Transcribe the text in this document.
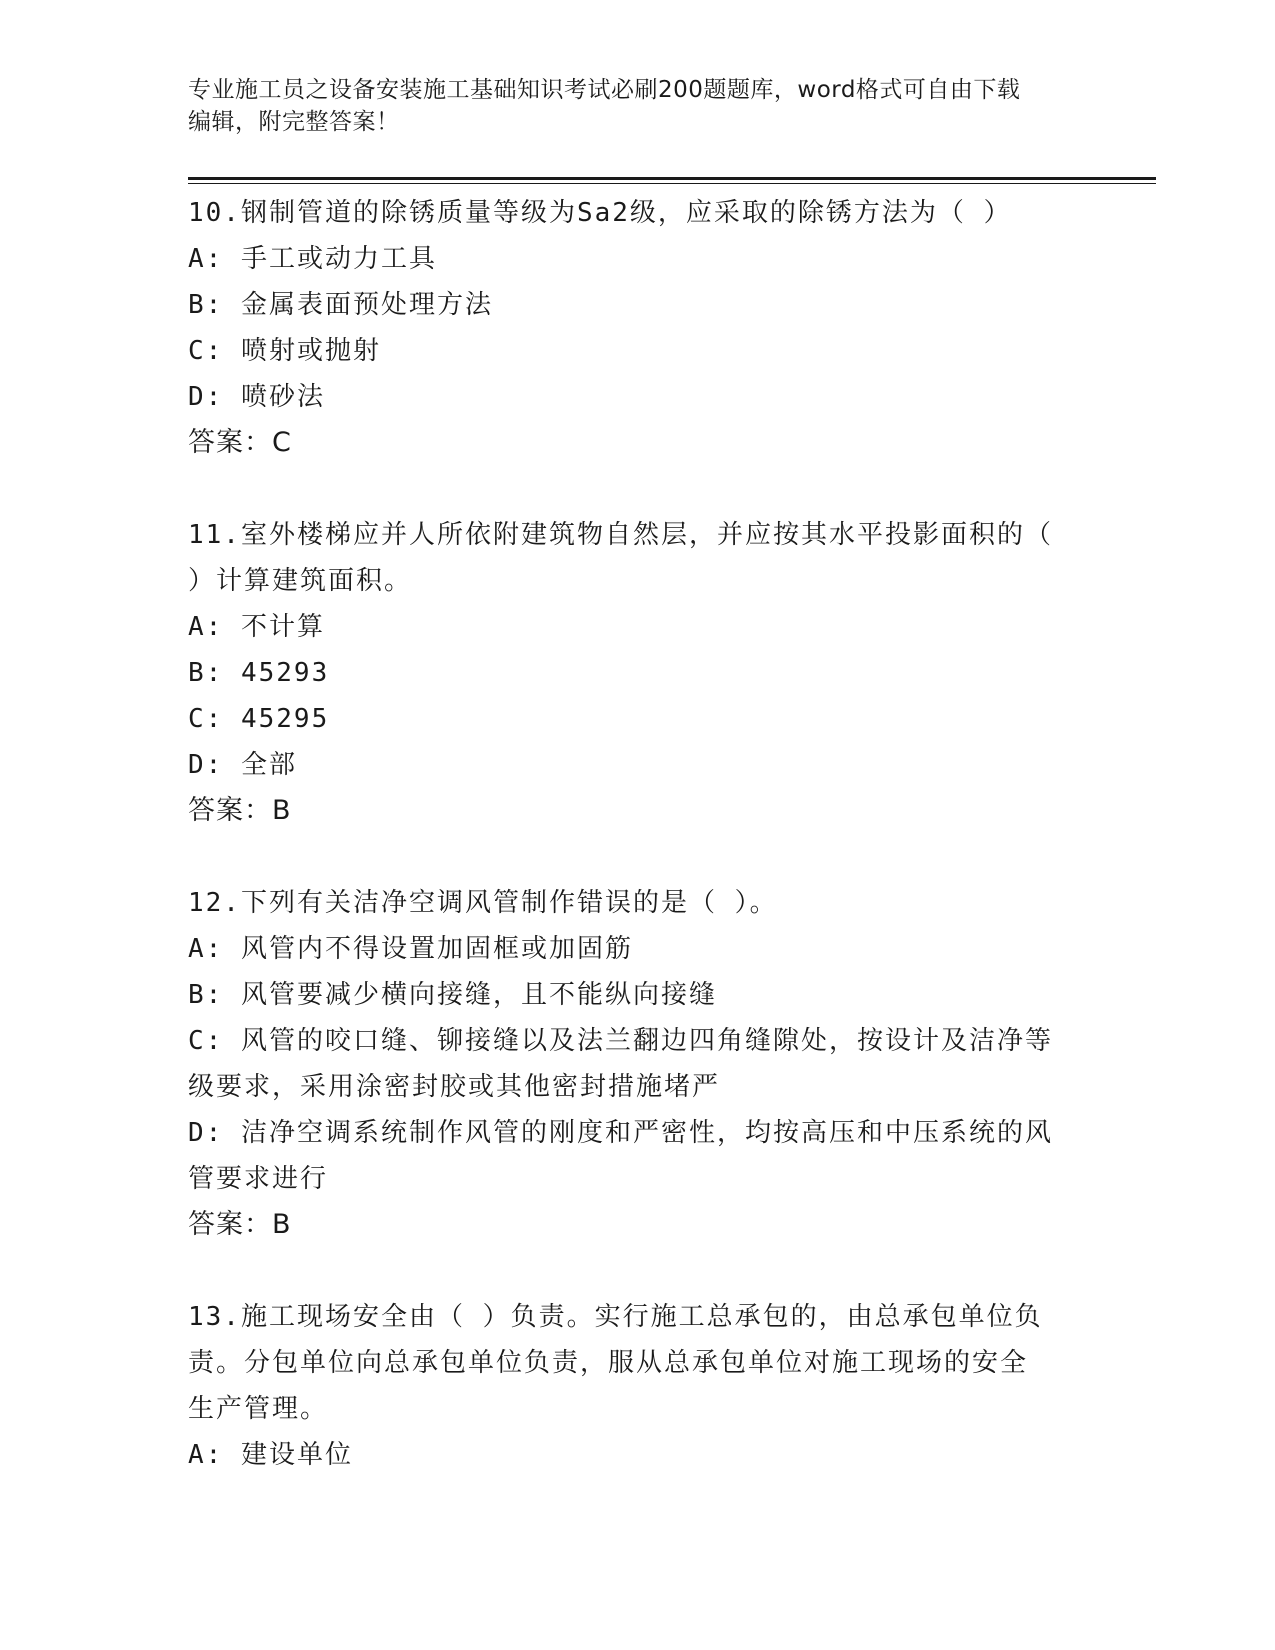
专业施工员之设备安装施工基础知识考试必刷200题题库，word格式可自由下载
编辑，附完整答案！
10.钢制管道的除锈质量等级为Sa2级，应采取的除锈方法为（ ）
A: 手工或动力工具
B: 金属表面预处理方法
C: 喷射或抛射
D: 喷砂法
答案：C
11.室外楼梯应并人所依附建筑物自然层，并应按其水平投影面积的（
）计算建筑面积。
A: 不计算
B: 45293
C: 45295
D: 全部
答案：B
12.下列有关洁净空调风管制作错误的是（ ）。
A: 风管内不得设置加固框或加固筋
B: 风管要减少横向接缝，且不能纵向接缝
C: 风管的咬口缝、铆接缝以及法兰翻边四角缝隙处，按设计及洁净等
级要求，采用涂密封胶或其他密封措施堵严
D: 洁净空调系统制作风管的刚度和严密性，均按高压和中压系统的风
管要求进行
答案：B
13.施工现场安全由（ ）负责。实行施工总承包的，由总承包单位负
责。分包单位向总承包单位负责，服从总承包单位对施工现场的安全
生产管理。
A: 建设单位
